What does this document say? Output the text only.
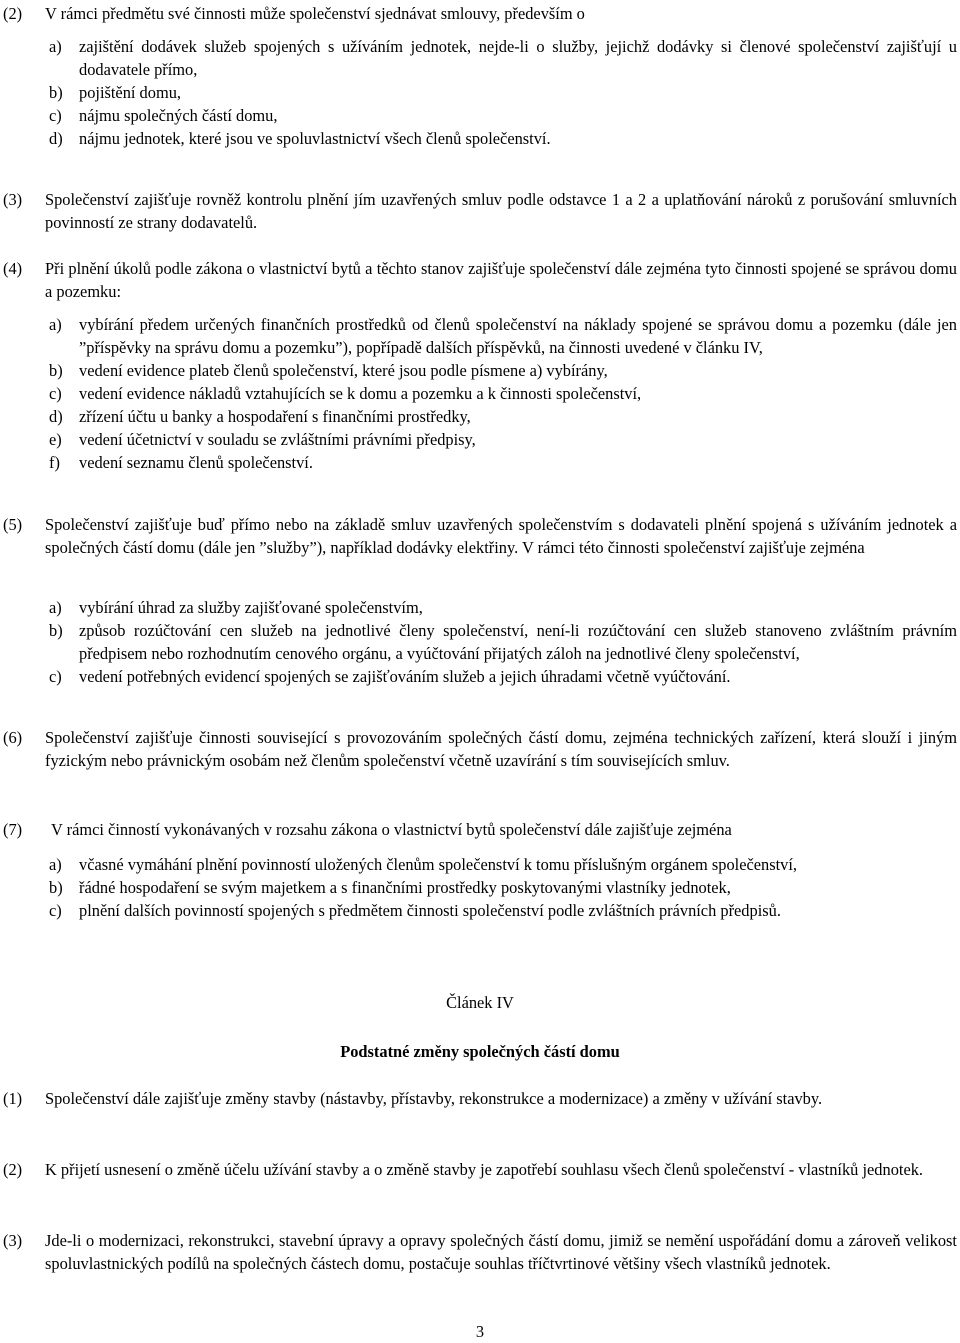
(2) V rámci předmětu své činnosti může společenství sjednávat smlouvy, především o
a) zajištění dodávek služeb spojených s užíváním jednotek, nejde-li o služby, jejichž dodávky si členové společenství zajišťují u dodavatele přímo,
b) pojištění domu,
c) nájmu společných částí domu,
d) nájmu jednotek, které jsou ve spoluvlastnictví všech členů společenství.
(3) Společenství zajišťuje rovněž kontrolu plnění jím uzavřených smluv podle odstavce 1 a 2 a uplatňování nároků z porušování smluvních povinností ze strany dodavatelů.
(4) Při plnění úkolů podle zákona o vlastnictví bytů a těchto stanov zajišťuje společenství dále zejména tyto činnosti spojené se správou domu a pozemku:
a) vybírání předem určených finančních prostředků od členů společenství na náklady spojené se správou domu a pozemku (dále jen ”příspěvky na správu domu a pozemku”), popřípadě dalších příspěvků, na činnosti uvedené v článku IV,
b) vedení evidence plateb členů společenství, které jsou podle písmene a) vybírány,
c) vedení evidence nákladů vztahujících se k domu a pozemku a k činnosti společenství,
d) zřízení účtu u banky a hospodaření s finančními prostředky,
e) vedení účetnictví v souladu se zvláštními právními předpisy,
f) vedení seznamu členů společenství.
(5) Společenství zajišťuje buď přímo nebo na základě smluv uzavřených společenstvím s dodavateli plnění spojená s užíváním jednotek a společných částí domu (dále jen ”služby”), například dodávky elektřiny. V rámci této činnosti společenství zajišťuje zejména
a) vybírání úhrad za služby zajišťované společenstvím,
b) způsob rozúčtování cen služeb na jednotlivé členy společenství, není-li rozúčtování cen služeb stanoveno zvláštním právním předpisem nebo rozhodnutím cenového orgánu, a vyúčtování přijatých záloh na jednotlivé členy společenství,
c) vedení potřebných evidencí spojených se zajišťováním služeb a jejich úhradami včetně vyúčtování.
(6) Společenství zajišťuje činnosti související s provozováním společných částí domu, zejména technických zařízení, která slouží i jiným fyzickým nebo právnickým osobám než členům společenství včetně uzavírání s tím souvisejících smluv.
(7) V rámci činností vykonávaných v rozsahu zákona o vlastnictví bytů společenství dále zajišťuje zejména
a) včasné vymáhání plnění povinností uložených členům společenství k tomu příslušným orgánem společenství,
b) řádné hospodaření se svým majetkem a s finančními prostředky poskytovanými vlastníky jednotek,
c) plnění dalších povinností spojených s předmětem činnosti společenství podle zvláštních právních předpisů.
Článek IV
Podstatné změny společných částí domu
(1) Společenství dále zajišťuje změny stavby (nástavby, přístavby, rekonstrukce a modernizace) a změny v užívání stavby.
(2) K přijetí usnesení o změně účelu užívání stavby a o změně stavby je zapotřebí souhlasu všech členů společenství - vlastníků jednotek.
(3) Jde-li o modernizaci, rekonstrukci, stavební úpravy a opravy společných částí domu, jimiž se nemění uspořádání domu a zároveň velikost spoluvlastnických podílů na společných částech domu, postačuje souhlas tříčtvrtinové většiny všech vlastníků jednotek.
3
